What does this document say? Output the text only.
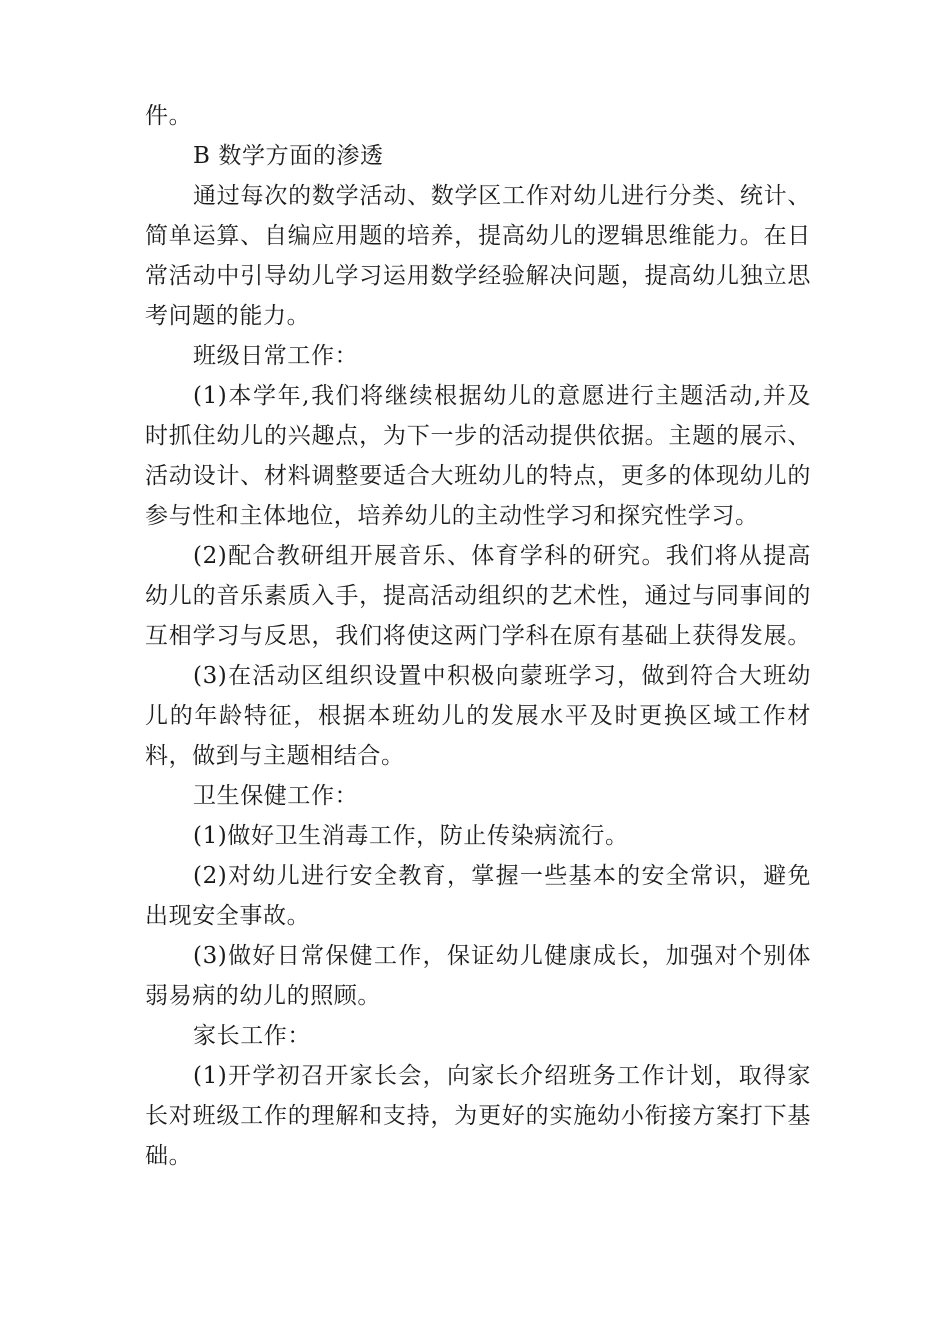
件。
B 数学方面的渗透
通过每次的数学活动、数学区工作对幼儿进行分类、统计、
简单运算、自编应用题的培养，提高幼儿的逻辑思维能力。在日
常活动中引导幼儿学习运用数学经验解决问题，提高幼儿独立思
考问题的能力。
班级日常工作：
(1)本学年,我们将继续根据幼儿的意愿进行主题活动,并及
时抓住幼儿的兴趣点，为下一步的活动提供依据。主题的展示、
活动设计、材料调整要适合大班幼儿的特点，更多的体现幼儿的
参与性和主体地位，培养幼儿的主动性学习和探究性学习。
(2)配合教研组开展音乐、体育学科的研究。我们将从提高
幼儿的音乐素质入手，提高活动组织的艺术性，通过与同事间的
互相学习与反思，我们将使这两门学科在原有基础上获得发展。
(3)在活动区组织设置中积极向蒙班学习，做到符合大班幼
儿的年龄特征，根据本班幼儿的发展水平及时更换区域工作材
料，做到与主题相结合。
卫生保健工作：
(1)做好卫生消毒工作，防止传染病流行。
(2)对幼儿进行安全教育，掌握一些基本的安全常识，避免
出现安全事故。
(3)做好日常保健工作，保证幼儿健康成长，加强对个别体
弱易病的幼儿的照顾。
家长工作：
(1)开学初召开家长会，向家长介绍班务工作计划，取得家
长对班级工作的理解和支持，为更好的实施幼小衔接方案打下基
础。
